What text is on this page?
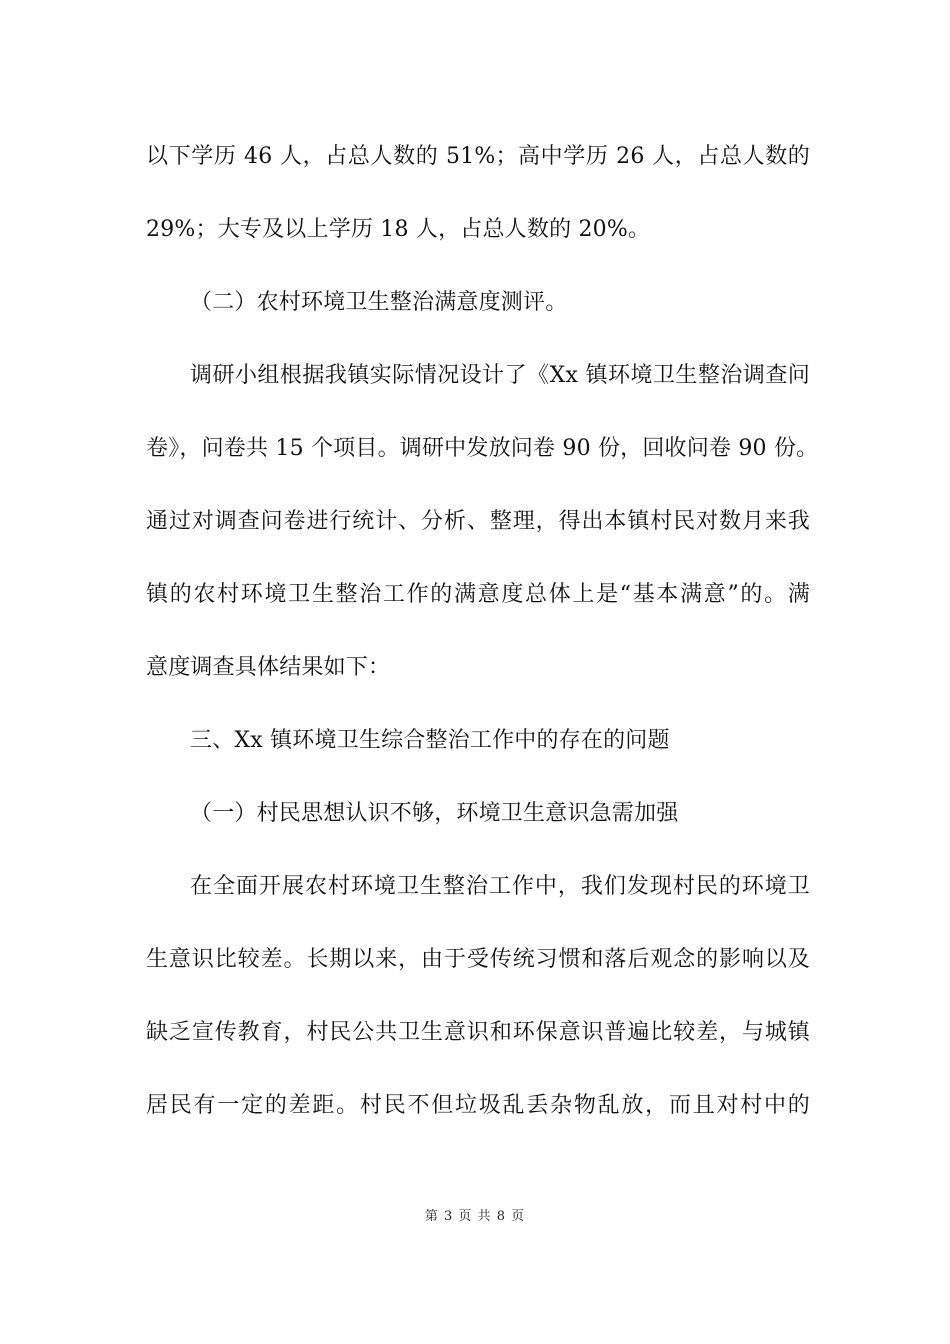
以下学历 46 人，占总人数的 51%；高中学历 26 人，占总人数的
29%；大专及以上学历 18 人，占总人数的 20%。
（二）农村环境卫生整治满意度测评。
调研小组根据我镇实际情况设计了《Xx 镇环境卫生整治调查问
卷》，问卷共 15 个项目。调研中发放问卷 90 份，回收问卷 90 份。
通过对调查问卷进行统计、分析、整理，得出本镇村民对数月来我
镇的农村环境卫生整治工作的满意度总体上是“基本满意”的。满
意度调查具体结果如下：
三、Xx 镇环境卫生综合整治工作中的存在的问题
（一）村民思想认识不够，环境卫生意识急需加强
在全面开展农村环境卫生整治工作中，我们发现村民的环境卫
生意识比较差。长期以来，由于受传统习惯和落后观念的影响以及
缺乏宣传教育，村民公共卫生意识和环保意识普遍比较差，与城镇
居民有一定的差距。村民不但垃圾乱丢杂物乱放，而且对村中的
第 3 页 共 8 页
